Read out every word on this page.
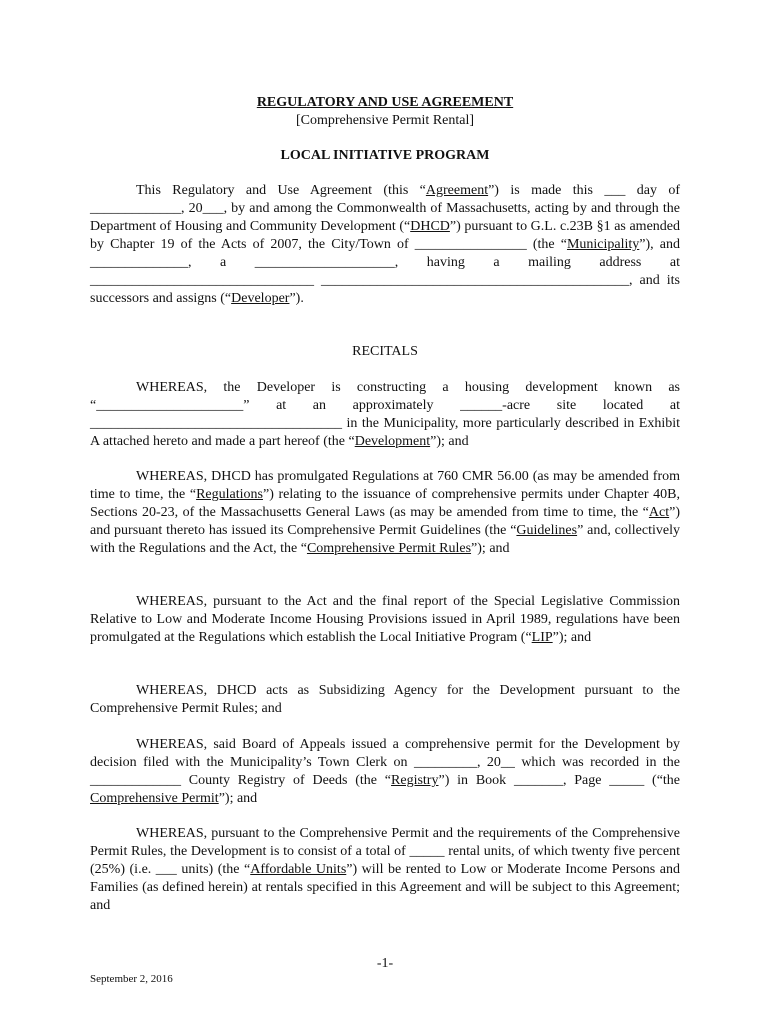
REGULATORY AND USE AGREEMENT
[Comprehensive Permit Rental]
LOCAL INITIATIVE PROGRAM

This Regulatory and Use Agreement (this “Agreement”) is made this ___ day of _____________, 20___, by and among the Commonwealth of Massachusetts, acting by and through the Department of Housing and Community Development (“DHCD”) pursuant to G.L. c.23B §1 as amended by Chapter 19 of the Acts of 2007, the City/Town of ________________ (the “Municipality”), and ______________, a ____________________, having a mailing address at ________________________________ ____________________________________________, and its successors and assigns (“Developer”).

RECITALS

WHEREAS, the Developer is constructing a housing development known as “_____________________” at an approximately ______-acre site located at ____________________________________ in the Municipality, more particularly described in Exhibit A attached hereto and made a part hereof (the “Development”); and

WHEREAS, DHCD has promulgated Regulations at 760 CMR 56.00 (as may be amended from time to time, the “Regulations”) relating to the issuance of comprehensive permits under Chapter 40B, Sections 20-23, of the Massachusetts General Laws (as may be amended from time to time, the “Act”) and pursuant thereto has issued its Comprehensive Permit Guidelines (the “Guidelines” and, collectively with the Regulations and the Act, the “Comprehensive Permit Rules”); and

WHEREAS, pursuant to the Act and the final report of the Special Legislative Commission Relative to Low and Moderate Income Housing Provisions issued in April 1989, regulations have been promulgated at the Regulations which establish the Local Initiative Program (“LIP”); and

WHEREAS, DHCD acts as Subsidizing Agency for the Development pursuant to the Comprehensive Permit Rules; and

WHEREAS, said Board of Appeals issued a comprehensive permit for the Development by decision filed with the Municipality’s Town Clerk on _________, 20__ which was recorded in the _____________ County Registry of Deeds (the “Registry”) in Book _______, Page _____ (“the Comprehensive Permit”); and

WHEREAS, pursuant to the Comprehensive Permit and the requirements of the Comprehensive Permit Rules, the Development is to consist of a total of _____ rental units, of which twenty five percent (25%) (i.e. ___ units) (the “Affordable Units”) will be rented to Low or Moderate Income Persons and Families (as defined herein) at rentals specified in this Agreement and will be subject to this Agreement; and

-1-
September 2, 2016
